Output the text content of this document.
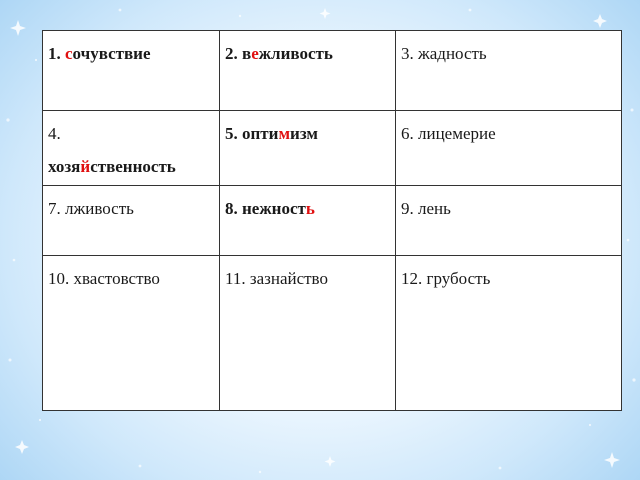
1. сочувствие	2. вежливость	3. жадность

4.
хозяйственность	5. оптимизм	6. лицемерие

7. лживость	8. нежность	9. лень

10. хвастовство	11. зазнайство	12. грубость
